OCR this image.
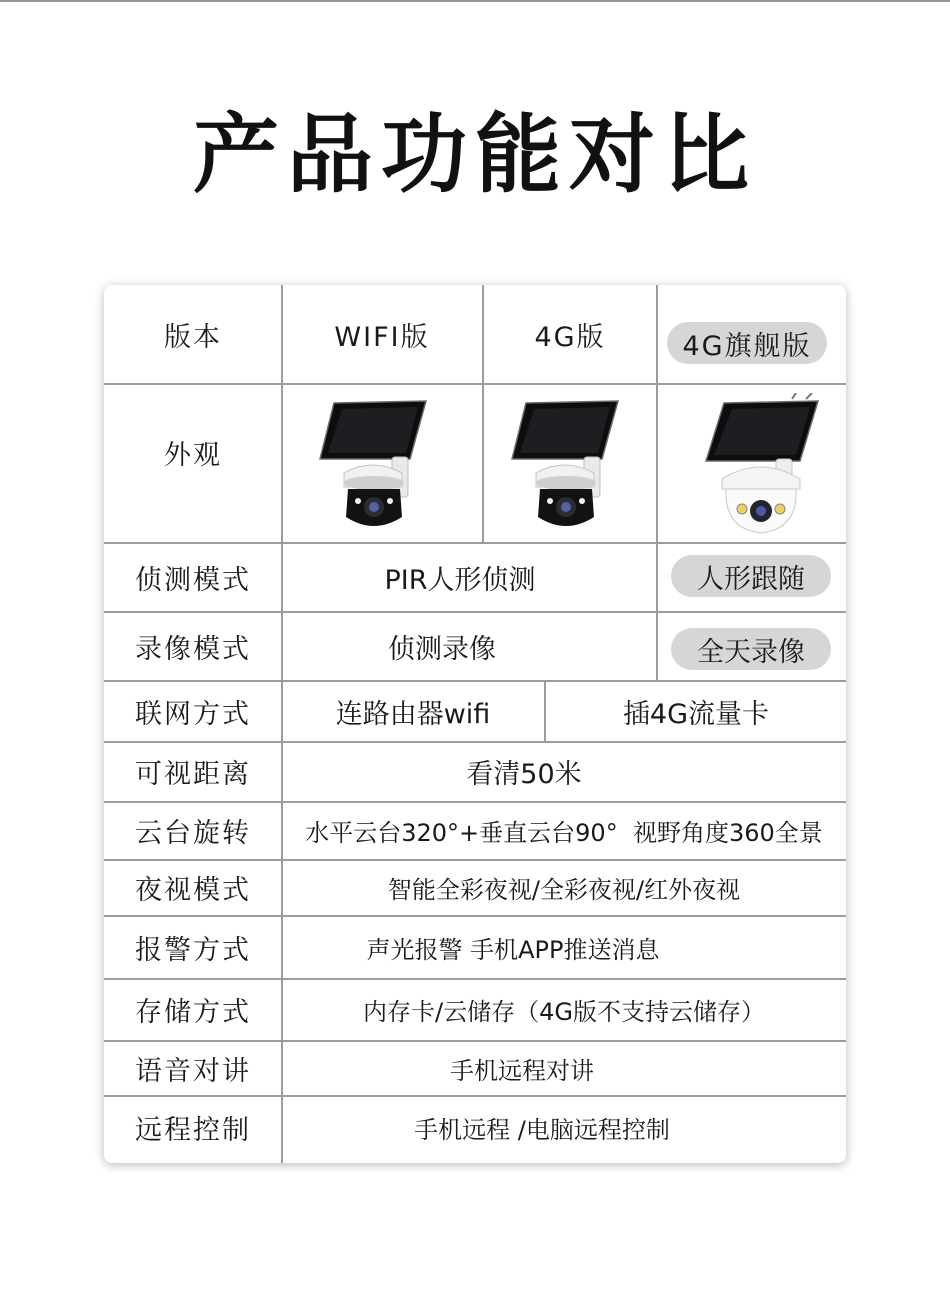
产品功能对比
版本	WIFI版	4G版	4G旗舰版
外观
侦测模式	PIR人形侦测	人形跟随
录像模式	侦测录像	全天录像
联网方式	连路由器wifi	插4G流量卡
可视距离	看清50米
云台旋转	水平云台320°+垂直云台90°  视野角度360全景
夜视模式	智能全彩夜视/全彩夜视/红外夜视
报警方式	声光报警 手机APP推送消息
存储方式	内存卡/云储存（4G版不支持云储存）
语音对讲	手机远程对讲
远程控制	手机远程 /电脑远程控制
